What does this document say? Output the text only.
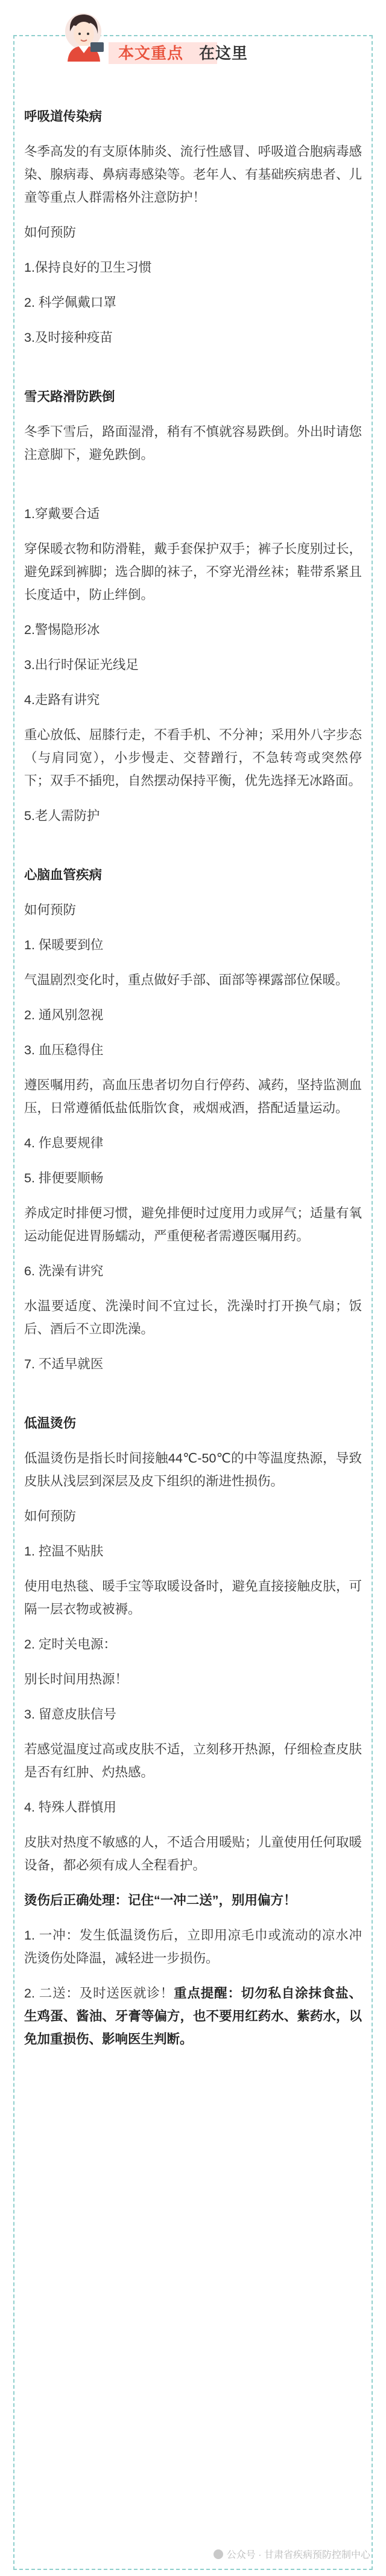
本文重点 在这里

呼吸道传染病

冬季高发的有支原体肺炎、流行性感冒、呼吸道合胞病毒感染、腺病毒、鼻病毒感染等。老年人、有基础疾病患者、儿童等重点人群需格外注意防护！

如何预防

1.保持良好的卫生习惯

2. 科学佩戴口罩

3.及时接种疫苗

雪天路滑防跌倒

冬季下雪后，路面湿滑，稍有不慎就容易跌倒。外出时请您注意脚下，避免跌倒。

1.穿戴要合适

穿保暖衣物和防滑鞋，戴手套保护双手；裤子长度别过长，避免踩到裤脚；选合脚的袜子，不穿光滑丝袜；鞋带系紧且长度适中，防止绊倒。

2.警惕隐形冰

3.出行时保证光线足

4.走路有讲究

重心放低、屈膝行走，不看手机、不分神；采用外八字步态（与肩同宽），小步慢走、交替蹭行，不急转弯或突然停下；双手不插兜，自然摆动保持平衡，优先选择无冰路面。

5.老人需防护

心脑血管疾病

如何预防

1. 保暖要到位

气温剧烈变化时，重点做好手部、面部等裸露部位保暖。

2. 通风别忽视

3. 血压稳得住

遵医嘱用药，高血压患者切勿自行停药、减药，坚持监测血压，日常遵循低盐低脂饮食，戒烟戒酒，搭配适量运动。

4. 作息要规律

5. 排便要顺畅

养成定时排便习惯，避免排便时过度用力或屏气；适量有氧运动能促进胃肠蠕动，严重便秘者需遵医嘱用药。

6. 洗澡有讲究

水温要适度、洗澡时间不宜过长，洗澡时打开换气扇；饭后、酒后不立即洗澡。

7. 不适早就医

低温烫伤

低温烫伤是指长时间接触44℃-50℃的中等温度热源，导致皮肤从浅层到深层及皮下组织的渐进性损伤。

如何预防

1. 控温不贴肤

使用电热毯、暖手宝等取暖设备时，避免直接接触皮肤，可隔一层衣物或被褥。

2. 定时关电源：

别长时间用热源！

3. 留意皮肤信号

若感觉温度过高或皮肤不适，立刻移开热源，仔细检查皮肤是否有红肿、灼热感。

4. 特殊人群慎用

皮肤对热度不敏感的人，不适合用暖贴；儿童使用任何取暖设备，都必须有成人全程看护。

烫伤后正确处理：记住“一冲二送”，别用偏方！

1. 一冲：发生低温烫伤后，立即用凉毛巾或流动的凉水冲洗烫伤处降温，减轻进一步损伤。

2. 二送：及时送医就诊！重点提醒：切勿私自涂抹食盐、生鸡蛋、酱油、牙膏等偏方，也不要用红药水、紫药水，以免加重损伤、影响医生判断。

公众号 · 甘肃省疾病预防控制中心
